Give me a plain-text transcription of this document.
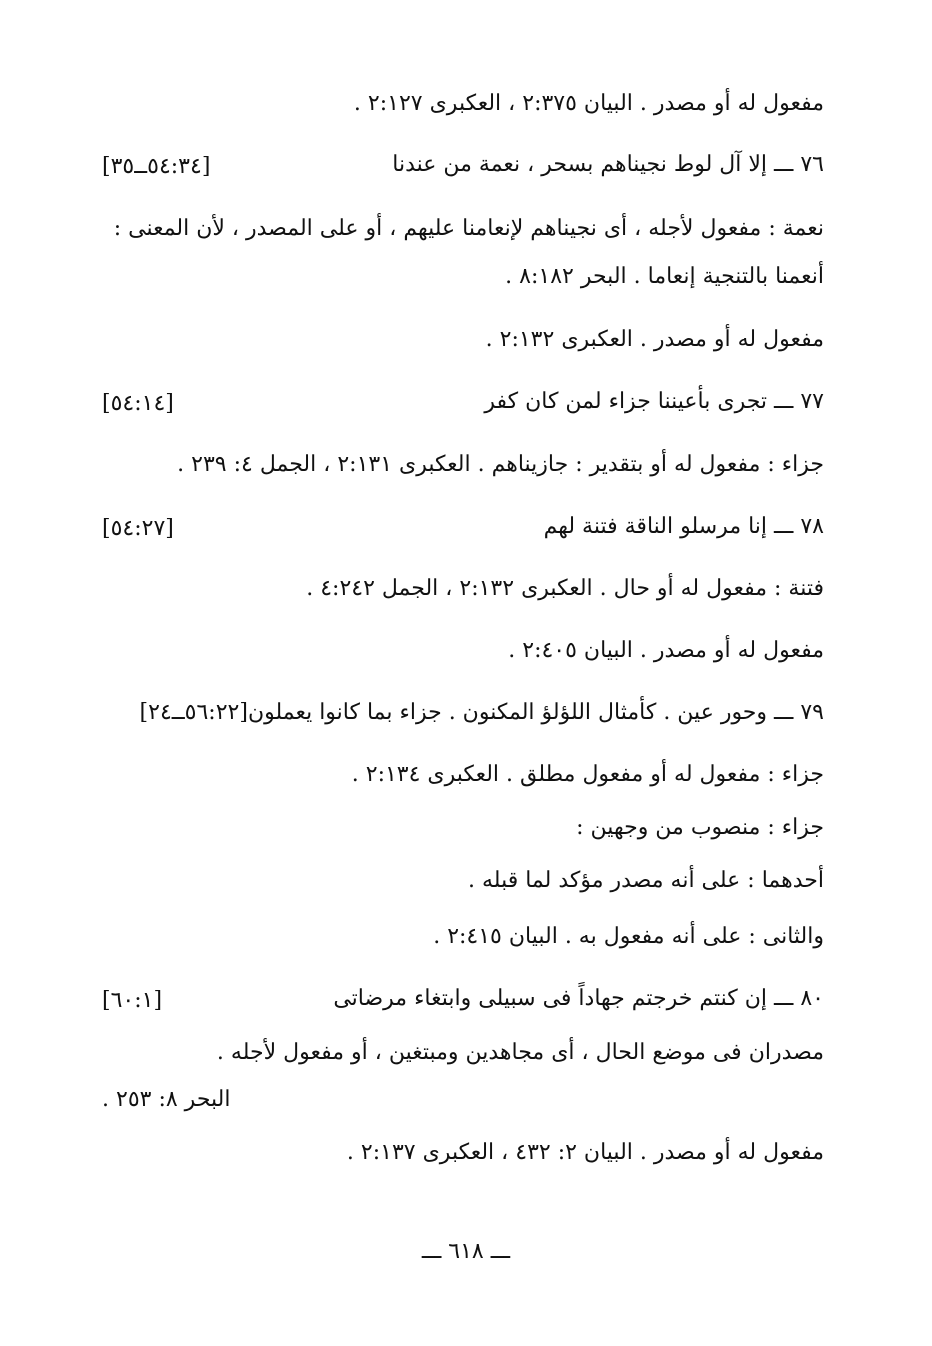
مفعول له أو مصدر . البيان ٢:٣٧٥ ، العكبرى ٢:١٢٧ .
٧٦ ـــ إلا آل لوط نجيناهم بسحر ، نعمة من عندنا
[٥٤:٣٤ــ٣٥]
نعمة : مفعول لأجله ، أى نجيناهم لإنعامنا عليهم ، أو على المصدر ، لأن المعنى :
أنعمنا بالتنجية إنعاما . البحر ٨:١٨٢ .
مفعول له أو مصدر . العكبرى ٢:١٣٢ .
٧٧ ـــ تجرى بأعيننا جزاء لمن كان كفر
[٥٤:١٤]
جزاء : مفعول له أو بتقدير : جازيناهم . العكبرى ٢:١٣١ ، الجمل ٤: ٢٣٩ .
٧٨ ـــ إنا مرسلو الناقة فتنة لهم
[٥٤:٢٧]
فتنة : مفعول له أو حال . العكبرى ٢:١٣٢ ، الجمل ٤:٢٤٢ .
مفعول له أو مصدر . البيان ٢:٤٠٥ .
٧٩ ـــ وحور عين . كأمثال اللؤلؤ المكنون . جزاء بما كانوا يعملون[٥٦:٢٢ــ٢٤]
جزاء : مفعول له أو مفعول مطلق . العكبرى ٢:١٣٤ .
جزاء : منصوب من وجهين :
أحدهما : على أنه مصدر مؤكد لما قبله .
والثانى : على أنه مفعول به . البيان ٢:٤١٥ .
٨٠ ـــ إن كنتم خرجتم جهاداً فى سبيلى وابتغاء مرضاتى
[٦٠:١]
مصدران فى موضع الحال ، أى مجاهدين ومبتغين ، أو مفعول لأجله .
البحر ٨: ٢٥٣ .
مفعول له أو مصدر . البيان ٢: ٤٣٢ ، العكبرى ٢:١٣٧ .
ـــ ٦١٨ ـــ
